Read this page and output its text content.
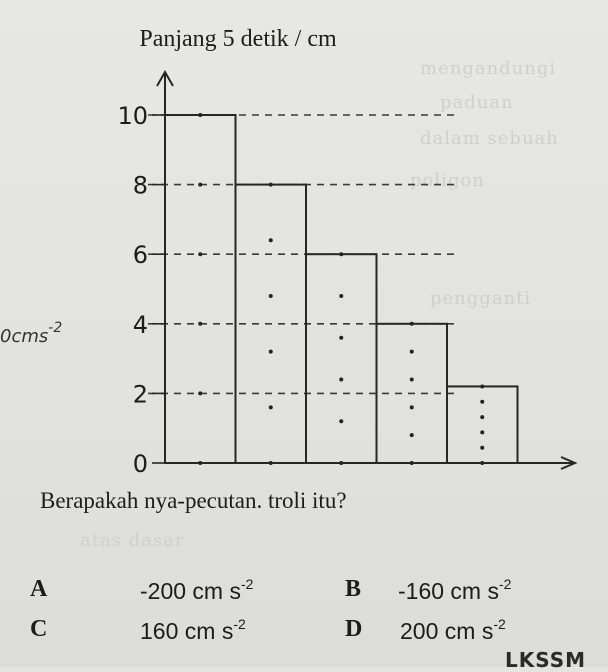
mengandungi
paduan
dalam sebuah
poligon
pengganti
atas dasar
Panjang 5 detik / cm
0
2
4
6
8
10
0cms$^{-2}$
Berapakah nya-pecutan. troli itu?
A	-200 cm $s^{-2}$	B -160 cm $s^{-2}$
C	160 cm $s^{-2}$	D 200 cm $s^{-2}$
LKSSM
